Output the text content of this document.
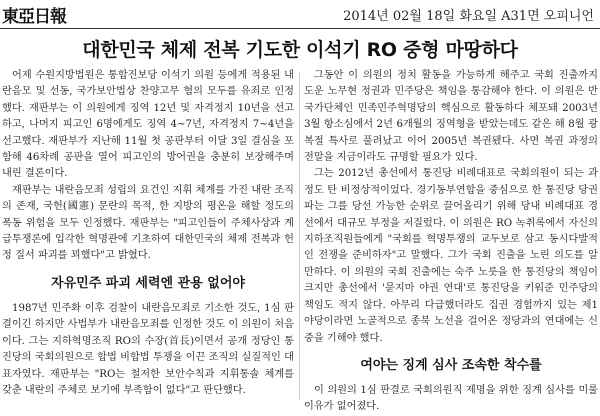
東亞日報	2014년 02월 18일 화요일 A31면 오피니언
대한민국 체제 전복 기도한 이석기 RO 중형 마땅하다

어제 수원지방법원은 통합진보당 이석기 의원 등에게 적용된 내란음모 및 선동, 국가보안법상 찬양고무 혐의 모두를 유죄로 인정했다. 재판부는 이 의원에게 징역 12년 및 자격정지 10년을 선고하고, 나머지 피고인 6명에게도 징역 4∼7년, 자격정지 7∼4년을 선고했다. 재판부가 지난해 11월 첫 공판부터 이달 3일 결심을 포함해 46차례 공판을 열어 피고인의 방어권을 충분히 보장해주며 내린 결론이다.

재판부는 내란음모죄 성립의 요건인 지휘 체계를 가진 내란 조직의 존재, 국헌(國憲) 문란의 목적, 한 지방의 평온을 해할 정도의 폭동 위험을 모두 인정했다. 재판부는 "피고인들이 주체사상과 계급투쟁론에 입각한 혁명관에 기초하여 대한민국의 체제 전복과 헌정 질서 파괴를 꾀했다"고 밝혔다.

자유민주 파괴 세력엔 관용 없어야

1987년 민주화 이후 검찰이 내란음모죄로 기소한 것도, 1심 판결이긴 하지만 사법부가 내란음모죄를 인정한 것도 이 의원이 처음이다. 그는 지하혁명조직 RO의 수장(首長)이면서 공개 정당인 통진당의 국회의원으로 합법 비합법 투쟁을 이끈 조직의 실질적인 대표자였다. 재판부는 "RO는 철저한 보안수칙과 지휘통솔 체계를 갖춘 내란의 주체로 보기에 부족함이 없다"고 판단했다.

그동안 이 의원의 정치 활동을 가능하게 해주고 국회 진출까지 도운 노무현 정권과 민주당은 책임을 통감해야 한다. 이 의원은 반국가단체인 민족민주혁명당의 핵심으로 활동하다 체포돼 2003년 3월 항소심에서 2년 6개월의 징역형을 받았는데도 같은 해 8월 광복절 특사로 풀려났고 이어 2005년 복권됐다. 사면 복권 과정의 전말을 지금이라도 규명할 필요가 있다.

그는 2012년 총선에서 통진당 비례대표로 국회의원이 되는 과정도 탄 비정상적이었다. 경기동부연합을 중심으로 한 통진당 당권파는 그를 당선 가능한 순위로 끌어올리기 위해 당내 비례대표 경선에서 대규모 부정을 저질렀다. 이 의원은 RO 녹취록에서 자신의 지하조직원들에게 "국회를 혁명투쟁의 교두보로 삼고 동시다발적인 전쟁을 준비하자"고 말했다. 그가 국회 진출을 노린 의도를 알 만하다. 이 의원의 국회 진출에는 숙주 노릇을 한 통진당의 책임이 크지만 총선에서 '묻지마 야권 연대'로 통진당을 키워준 민주당의 책임도 적지 않다. 아무리 다급했더라도 집권 경험까지 있는 제1 야당이라면 노골적으로 종북 노선을 걸어온 정당과의 연대에는 신중을 기해야 했다.

여야는 징계 심사 조속한 착수를

이 의원의 1심 판결로 국회의원직 제명을 위한 징계 심사를 미룰 이유가 없어졌다.
